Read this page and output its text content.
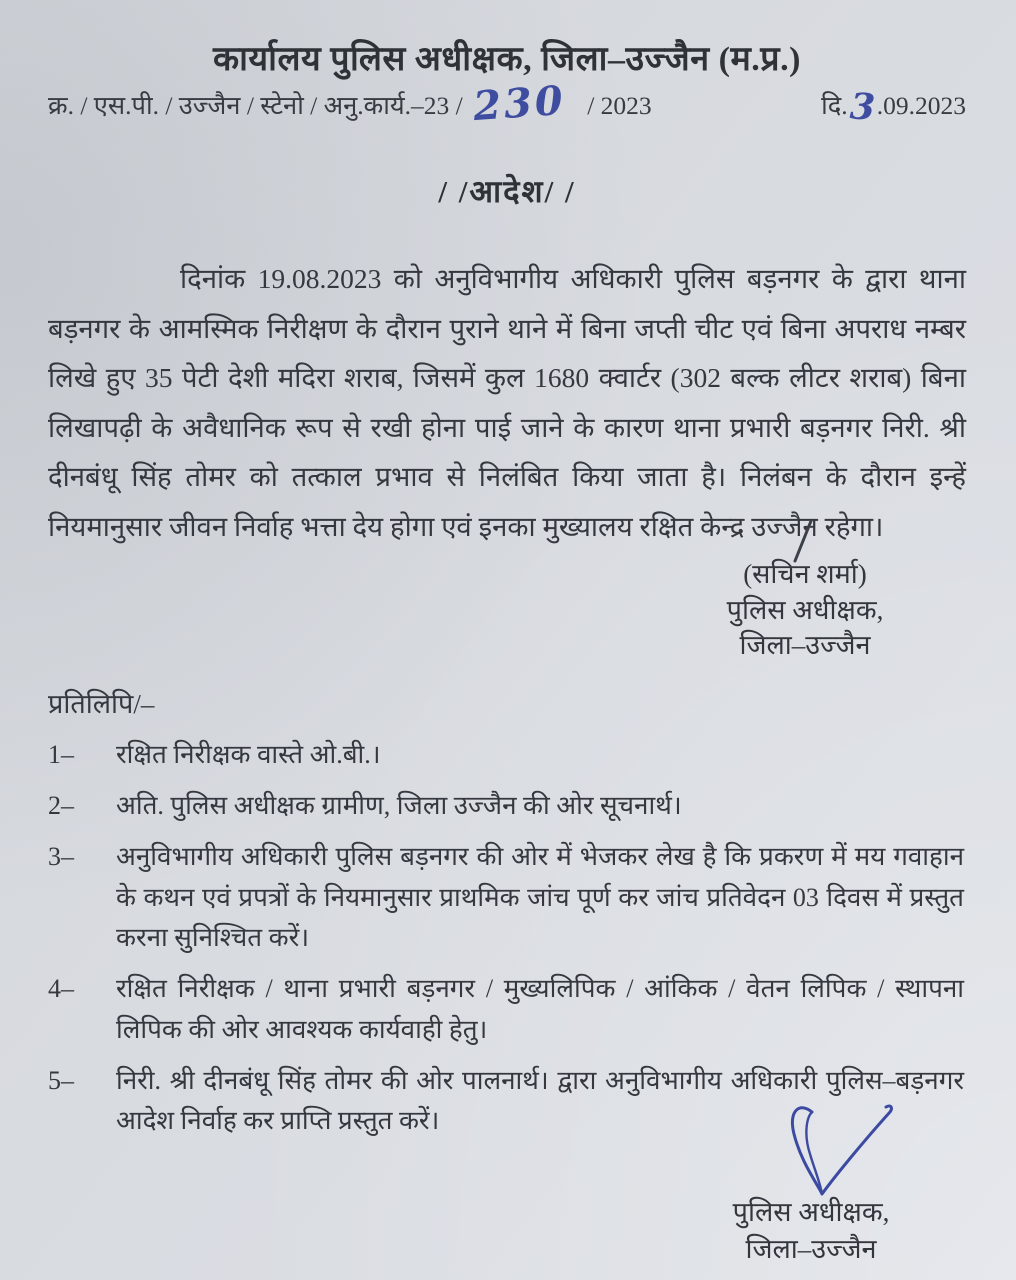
कार्यालय पुलिस अधीक्षक, जिला–उज्जैन (म.प्र.)
क्र. / एस.पी. / उज्जैन / स्टेनो / अनु.कार्य.–23 / 230 / 2023	दि. 3 .09.2023
/ /आदेश/ /

दिनांक 19.08.2023 को अनुविभागीय अधिकारी पुलिस बड़नगर के द्वारा थाना बड़नगर के आमस्मिक निरीक्षण के दौरान पुराने थाने में बिना जप्ती चीट एवं बिना अपराध नम्बर लिखे हुए 35 पेटी देशी मदिरा शराब, जिसमें कुल 1680 क्वार्टर (302 बल्क लीटर शराब) बिना लिखापढ़ी के अवैधानिक रूप से रखी होना पाई जाने के कारण थाना प्रभारी बड़नगर निरी. श्री दीनबंधू सिंह तोमर को तत्काल प्रभाव से निलंबित किया जाता है। निलंबन के दौरान इन्हें नियमानुसार जीवन निर्वाह भत्ता देय होगा एवं इनका मुख्यालय रक्षित केन्द्र उज्जैन रहेगा।

(सचिन शर्मा)
पुलिस अधीक्षक,
जिला–उज्जैन
प्रतिलिपि/–
1–	रक्षित निरीक्षक वास्ते ओ.बी.।
2–	अति. पुलिस अधीक्षक ग्रामीण, जिला उज्जैन की ओर सूचनार्थ।
3–	अनुविभागीय अधिकारी पुलिस बड़नगर की ओर में भेजकर लेख है कि प्रकरण में मय गवाहान के कथन एवं प्रपत्रों के नियमानुसार प्राथमिक जांच पूर्ण कर जांच प्रतिवेदन 03 दिवस में प्रस्तुत करना सुनिश्चित करें।
4–	रक्षित निरीक्षक / थाना प्रभारी बड़नगर / मुख्यलिपिक / आंकिक / वेतन लिपिक / स्थापना लिपिक की ओर आवश्यक कार्यवाही हेतु।
5–	निरी. श्री दीनबंधू सिंह तोमर की ओर पालनार्थ। द्वारा अनुविभागीय अधिकारी पुलिस–बड़नगर आदेश निर्वाह कर प्राप्ति प्रस्तुत करें।
पुलिस अधीक्षक,
जिला–उज्जैन
